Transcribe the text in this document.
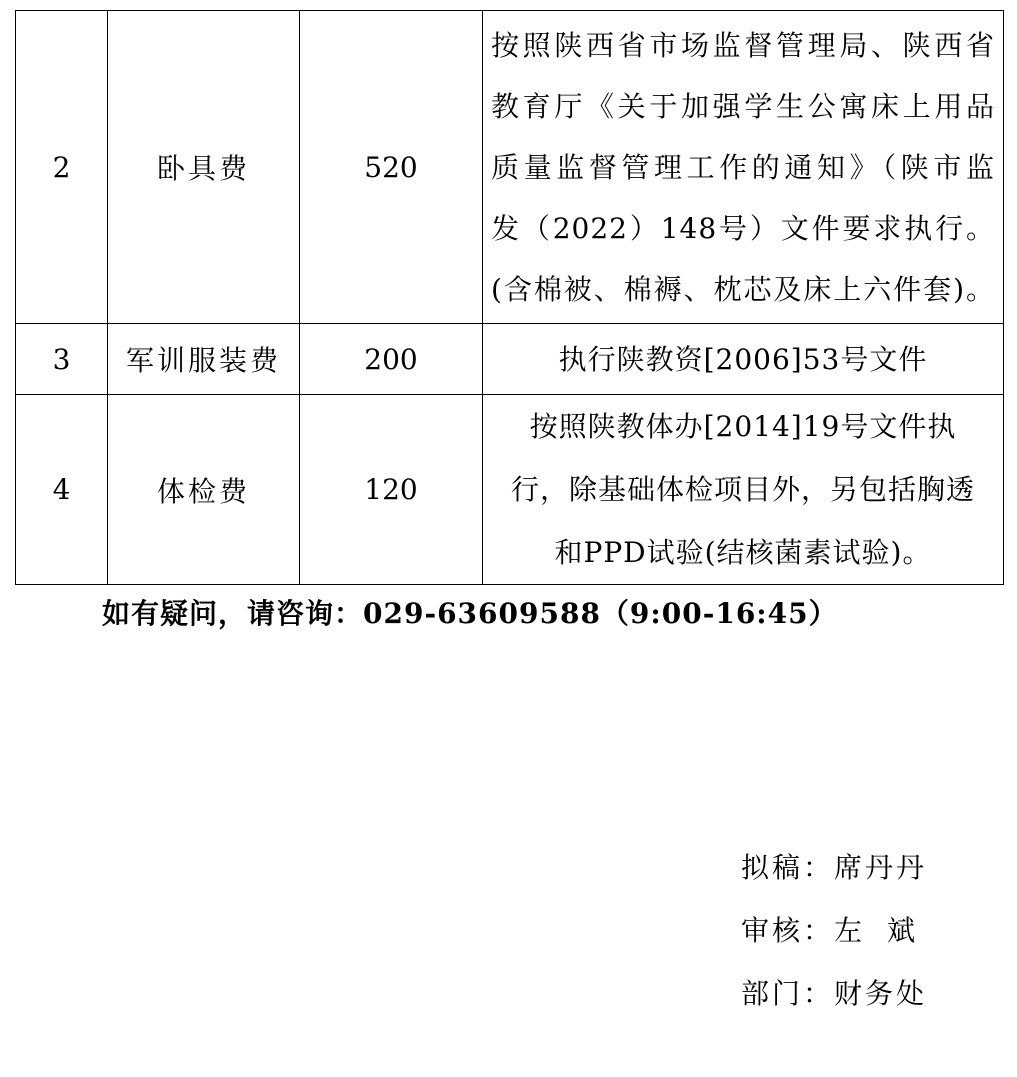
2	卧具费	520	按照陕西省市场监督管理局、陕西省
教育厅《关于加强学生公寓床上用品
质量监督管理工作的通知》（陕市监
发（2022）148号）文件要求执行。
(含棉被、棉褥、枕芯及床上六件套)。

3	军训服装费	200	执行陕教资[2006]53号文件

4	体检费	120	按照陕教体办[2014]19号文件执
行，除基础体检项目外，另包括胸透
和PPD试验(结核菌素试验)。
如有疑问，请咨询：029-63609588（9:00-16:45）
拟稿：席丹丹
审核：左 斌
部门：财务处
